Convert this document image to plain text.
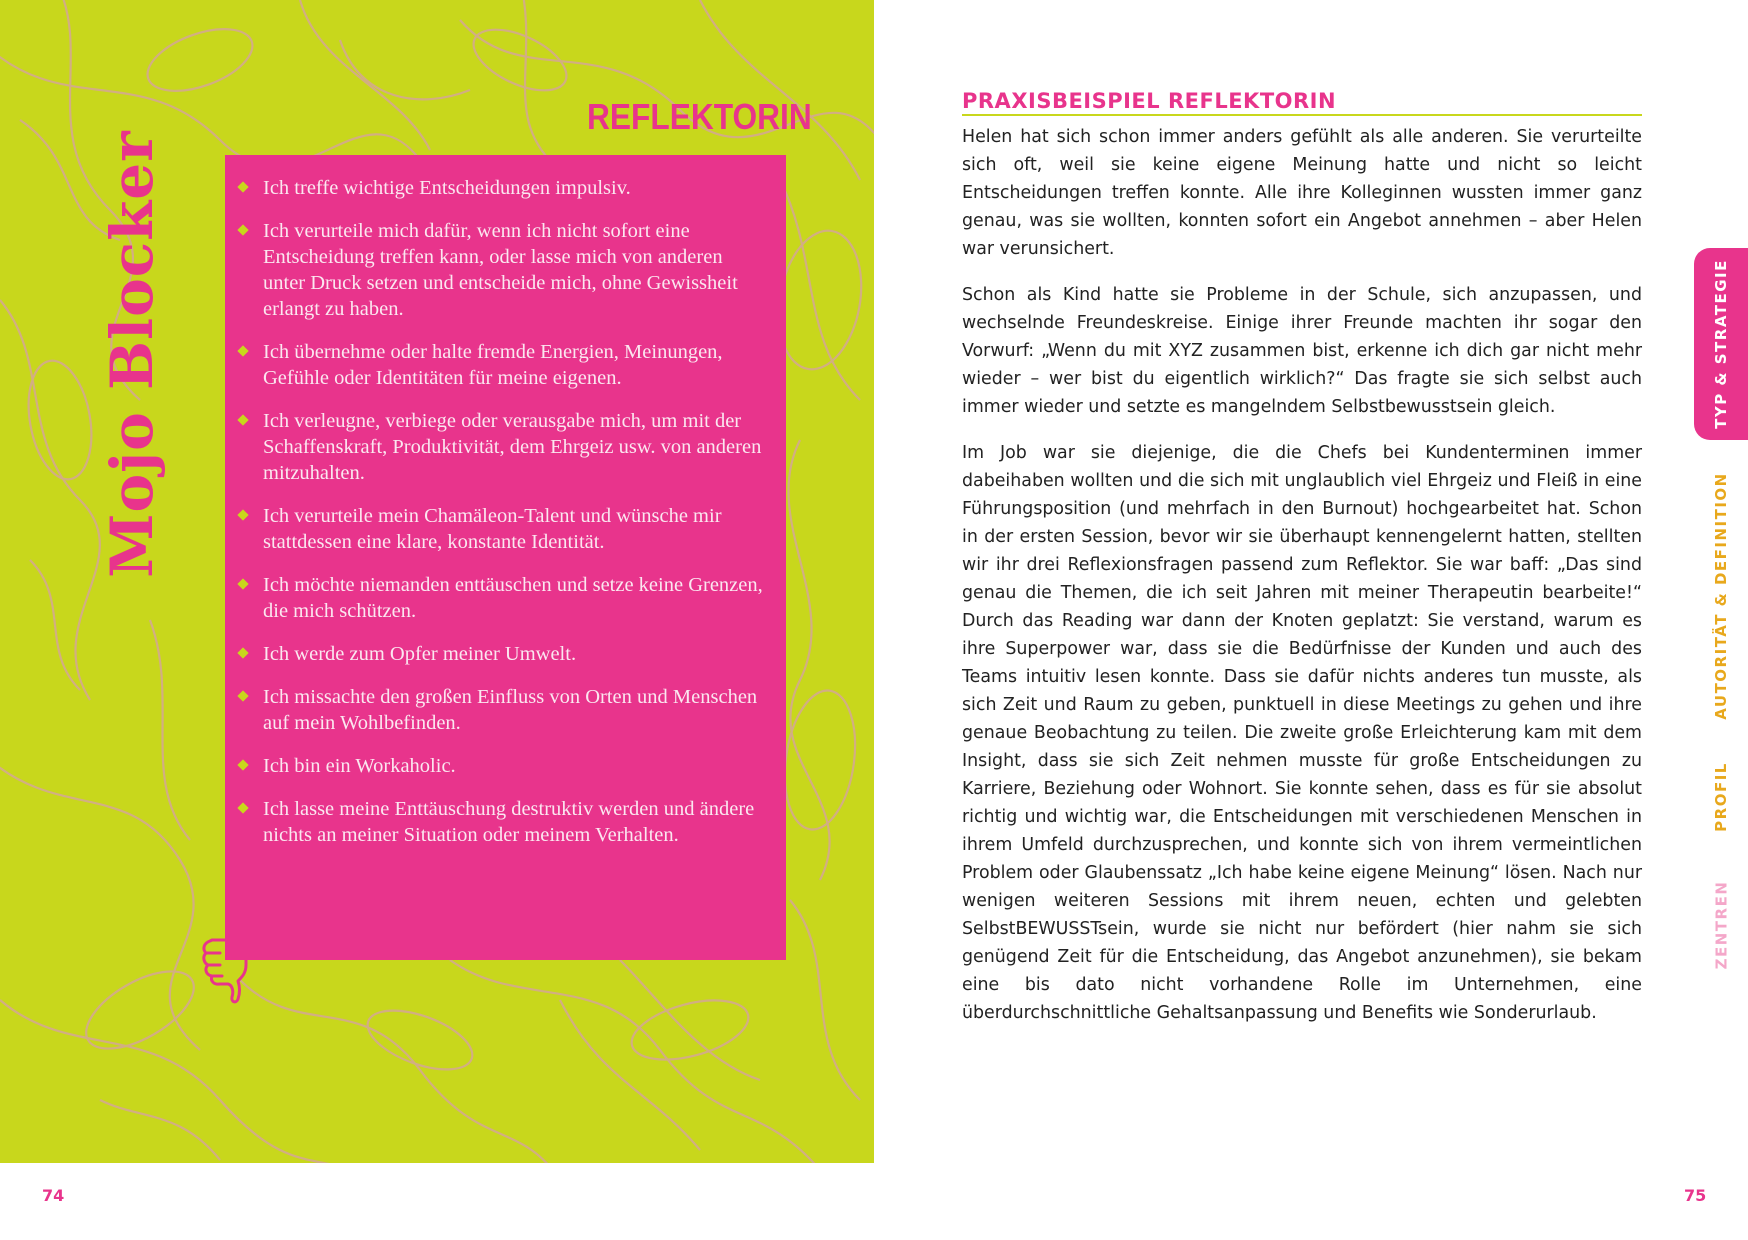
Mojo Blocker
REFLEKTORIN
Ich treffe wichtige Entscheidungen impulsiv.
Ich verurteile mich dafür, wenn ich nicht sofort eine Entscheidung treffen kann, oder lasse mich von anderen unter Druck setzen und entscheide mich, ohne Gewissheit erlangt zu haben.
Ich übernehme oder halte fremde Energien, Meinungen, Gefühle oder Identitäten für meine eigenen.
Ich verleugne, verbiege oder verausgabe mich, um mit der Schaffenskraft, Produktivität, dem Ehrgeiz usw. von anderen mitzuhalten.
Ich verurteile mein Chamäleon-Talent und wünsche mir stattdessen eine klare, konstante Identität.
Ich möchte niemanden enttäuschen und setze keine Grenzen, die mich schützen.
Ich werde zum Opfer meiner Umwelt.
Ich missachte den großen Einfluss von Orten und Menschen auf mein Wohlbefinden.
Ich bin ein Workaholic.
Ich lasse meine Enttäuschung destruktiv werden und ändere nichts an meiner Situation oder meinem Verhalten.
74
PRAXISBEISPIEL REFLEKTORIN

Helen hat sich schon immer anders gefühlt als alle anderen. Sie verurteilte sich oft, weil sie keine eigene Meinung hatte und nicht so leicht Entscheidungen treffen konnte. Alle ihre Kolleginnen wussten immer ganz genau, was sie wollten, konnten sofort ein Angebot annehmen – aber Helen war verunsichert.

Schon als Kind hatte sie Probleme in der Schule, sich anzupassen, und wechselnde Freundeskreise. Einige ihrer Freunde machten ihr sogar den Vorwurf: „Wenn du mit XYZ zusammen bist, erkenne ich dich gar nicht mehr wieder – wer bist du eigentlich wirklich?“ Das fragte sie sich selbst auch immer wieder und setzte es mangelndem Selbstbewusstsein gleich.

Im Job war sie diejenige, die die Chefs bei Kundenterminen immer dabeihaben wollten und die sich mit unglaublich viel Ehrgeiz und Fleiß in eine Führungsposition (und mehrfach in den Burnout) hochgearbeitet hat. Schon in der ersten Session, bevor wir sie überhaupt kennengelernt hatten, stellten wir ihr drei Reflexionsfragen passend zum Reflektor. Sie war baff: „Das sind genau die Themen, die ich seit Jahren mit meiner Therapeutin bearbeite!“ Durch das Reading war dann der Knoten geplatzt: Sie verstand, warum es ihre Superpower war, dass sie die Bedürfnisse der Kunden und auch des Teams intuitiv lesen konnte. Dass sie dafür nichts anderes tun musste, als sich Zeit und Raum zu geben, punktuell in diese Meetings zu gehen und ihre genaue Beobachtung zu teilen. Die zweite große Erleichterung kam mit dem Insight, dass sie sich Zeit nehmen musste für große Entscheidungen zu Karriere, Beziehung oder Wohnort. Sie konnte sehen, dass es für sie absolut richtig und wichtig war, die Entscheidungen mit verschiedenen Menschen in ihrem Umfeld durchzusprechen, und konnte sich von ihrem vermeintlichen Problem oder Glaubenssatz „Ich habe keine eigene Meinung“ lösen. Nach nur wenigen weiteren Sessions mit ihrem neuen, echten und gelebten SelbstBEWUSSTsein, wurde sie nicht nur befördert (hier nahm sie sich genügend Zeit für die Entscheidung, das Angebot anzunehmen), sie bekam eine bis dato nicht vorhandene Rolle im Unternehmen, eine überdurchschnittliche Gehaltsanpassung und Benefits wie Sonderurlaub.

TYP & STRATEGIE
AUTORITÄT & DEFINITION
PROFIL
ZENTREN
75
